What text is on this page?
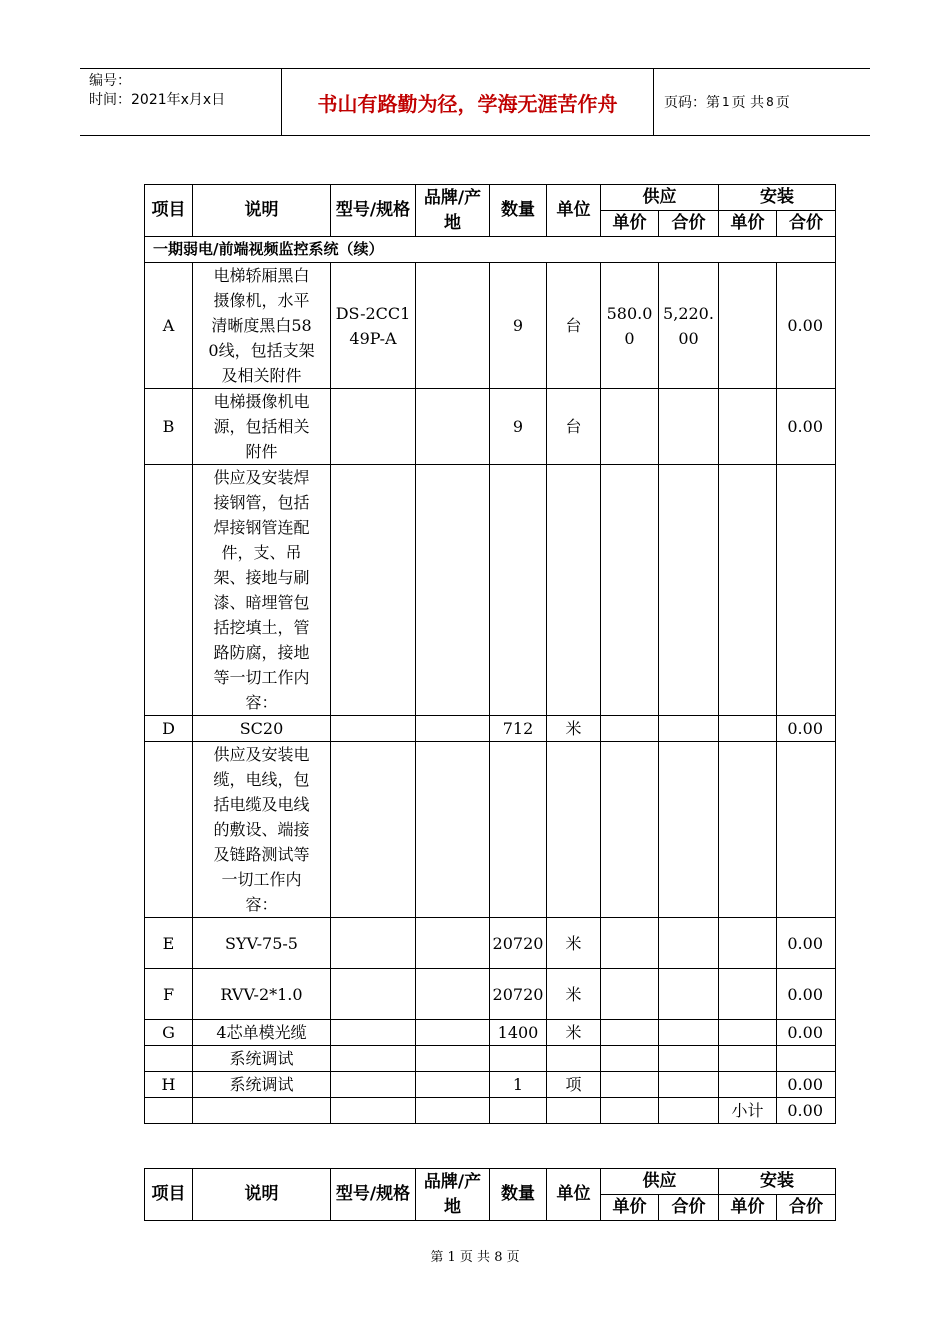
编号：
时间：2021年x月x日	书山有路勤为径，学海无涯苦作舟	页码：第 1 页 共 8 页
项目	说明	型号/规格	品牌/产地	数量	单位	供应		安装	
						单价	合价	单价	合价
一期弱电/前端视频监控系统（续）									
A	电梯轿厢黑白摄像机，水平清晰度黑白580线，包括支架及相关附件	DS-2CC149P-A		9	台	580.00	5,220.00		0.00
B	电梯摄像机电源，包括相关附件			9	台				0.00
	供应及安装焊接钢管，包括焊接钢管连配件，支、吊架、接地与刷漆、暗埋管包括挖填土，管路防腐，接地等一切工作内容：								
D	SC20			712	米				0.00
	供应及安装电缆，电线，包括电缆及电线的敷设、端接及链路测试等一切工作内容：								
E	SYV-75-5			20720	米				0.00
F	RVV-2*1.0			20720	米				0.00
G	4芯单模光缆			1400	米				0.00
	系统调试								
H	系统调试			1	项				0.00
								小计	0.00
项目	说明	型号/规格	品牌/产地	数量	单位	供应		安装	
						单价	合价	单价	合价
第 1 页 共 8 页
